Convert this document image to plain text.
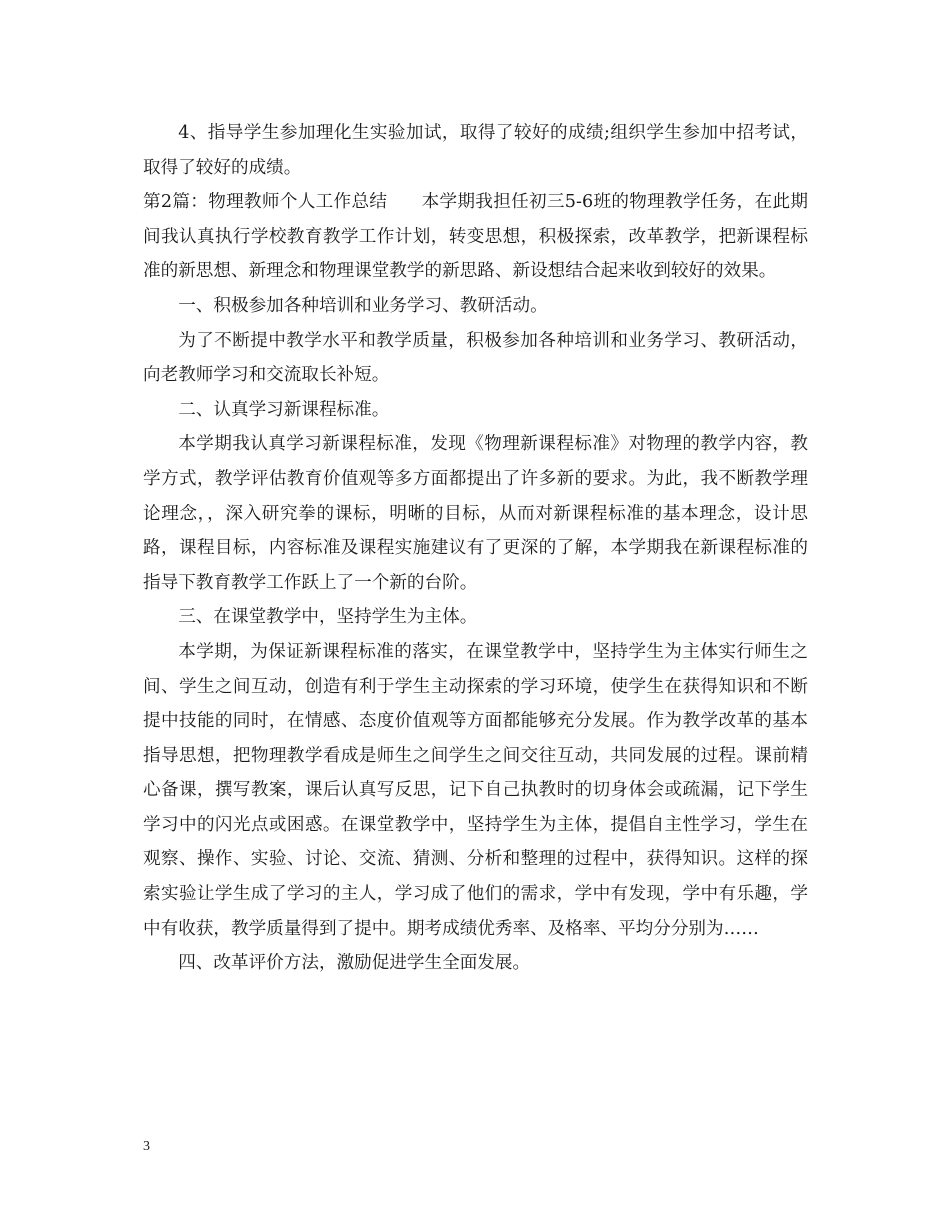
4、指导学生参加理化生实验加试，取得了较好的成绩;组织学生参加中招考试，取得了较好的成绩。

第2篇：物理教师个人工作总结 本学期我担任初三5-6班的物理教学任务，在此期间我认真执行学校教育教学工作计划，转变思想，积极探索，改革教学，把新课程标准的新思想、新理念和物理课堂教学的新思路、新设想结合起来收到较好的效果。

一、积极参加各种培训和业务学习、教研活动。

为了不断提中教学水平和教学质量，积极参加各种培训和业务学习、教研活动，向老教师学习和交流取长补短。

二、认真学习新课程标准。

本学期我认真学习新课程标准，发现《物理新课程标准》对物理的教学内容，教学方式，教学评估教育价值观等多方面都提出了许多新的要求。为此，我不断教学理论理念，，深入研究拳的课标，明晰的目标，从而对新课程标准的基本理念，设计思路，课程目标，内容标准及课程实施建议有了更深的了解，本学期我在新课程标准的指导下教育教学工作跃上了一个新的台阶。

三、在课堂教学中，坚持学生为主体。

本学期，为保证新课程标准的落实，在课堂教学中，坚持学生为主体实行师生之间、学生之间互动，创造有利于学生主动探索的学习环境，使学生在获得知识和不断提中技能的同时，在情感、态度价值观等方面都能够充分发展。作为教学改革的基本指导思想，把物理教学看成是师生之间学生之间交往互动，共同发展的过程。课前精心备课，撰写教案，课后认真写反思，记下自己执教时的切身体会或疏漏，记下学生学习中的闪光点或困惑。在课堂教学中，坚持学生为主体，提倡自主性学习，学生在观察、操作、实验、讨论、交流、猜测、分析和整理的过程中，获得知识。这样的探索实验让学生成了学习的主人，学习成了他们的需求，学中有发现，学中有乐趣，学中有收获，教学质量得到了提中。期考成绩优秀率、及格率、平均分分别为……

四、改革评价方法，激励促进学生全面发展。

3
